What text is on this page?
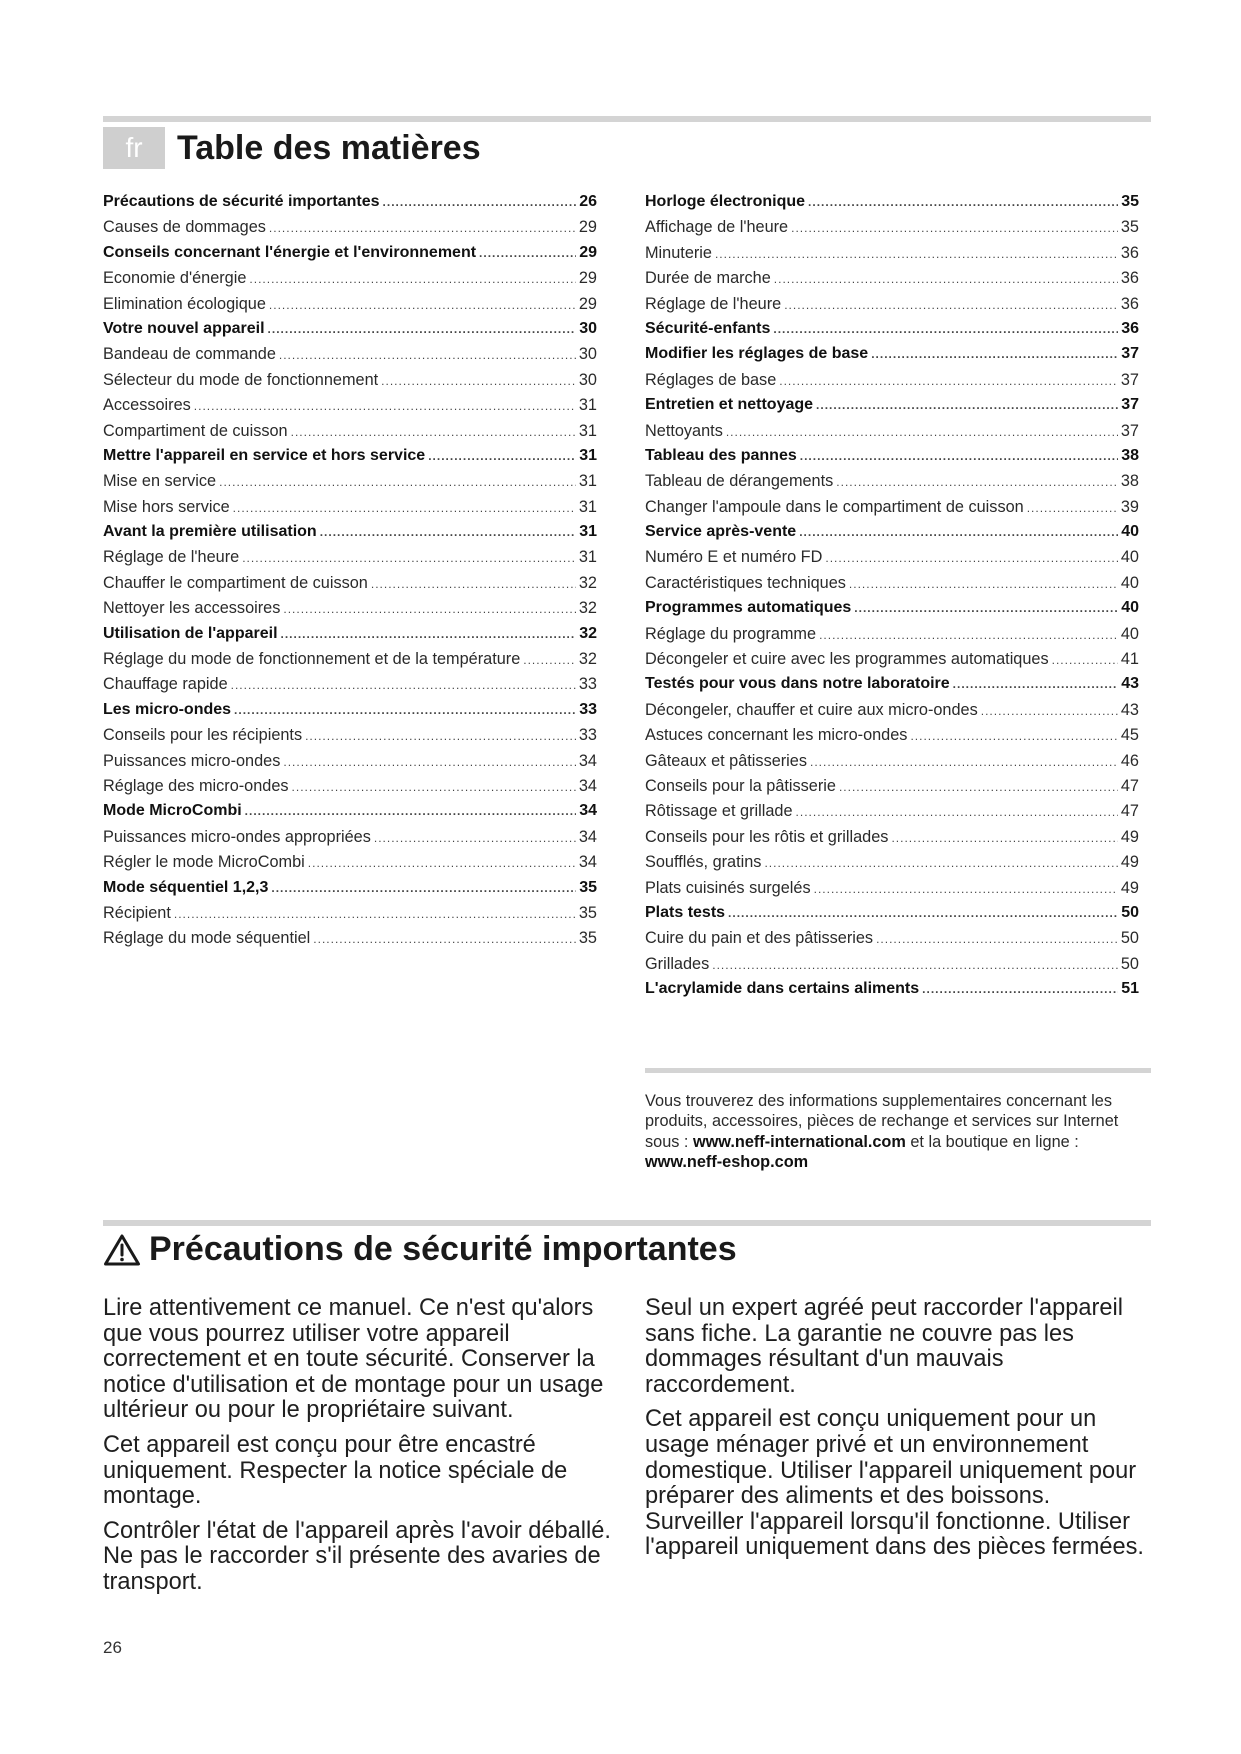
fr	Table des matières
Précautions de sécurité importantes .....	26
Causes de dommages .....	29
Conseils concernant l'énergie et l'environnement .....	29
Economie d'énergie .....	29
Elimination écologique .....	29
Votre nouvel appareil .....	30
Bandeau de commande .....	30
Sélecteur du mode de fonctionnement .....	30
Accessoires .....	31
Compartiment de cuisson .....	31
Mettre l'appareil en service et hors service .....	31
Mise en service .....	31
Mise hors service .....	31
Avant la première utilisation .....	31
Réglage de l'heure .....	31
Chauffer le compartiment de cuisson .....	32
Nettoyer les accessoires .....	32
Utilisation de l'appareil .....	32
Réglage du mode de fonctionnement et de la température .....	32
Chauffage rapide .....	33
Les micro-ondes .....	33
Conseils pour les récipients .....	33
Puissances micro-ondes .....	34
Réglage des micro-ondes .....	34
Mode MicroCombi .....	34
Puissances micro-ondes appropriées .....	34
Régler le mode MicroCombi .....	34
Mode séquentiel 1,2,3 .....	35
Récipient .....	35
Réglage du mode séquentiel .....	35
Horloge électronique .....	35
Affichage de l'heure .....	35
Minuterie .....	36
Durée de marche .....	36
Réglage de l'heure .....	36
Sécurité-enfants .....	36
Modifier les réglages de base .....	37
Réglages de base .....	37
Entretien et nettoyage .....	37
Nettoyants .....	37
Tableau des pannes .....	38
Tableau de dérangements .....	38
Changer l'ampoule dans le compartiment de cuisson .....	39
Service après-vente .....	40
Numéro E et numéro FD .....	40
Caractéristiques techniques .....	40
Programmes automatiques .....	40
Réglage du programme .....	40
Décongeler et cuire avec les programmes automatiques .....	41
Testés pour vous dans notre laboratoire .....	43
Décongeler, chauffer et cuire aux micro-ondes .....	43
Astuces concernant les micro-ondes .....	45
Gâteaux et pâtisseries .....	46
Conseils pour la pâtisserie .....	47
Rôtissage et grillade .....	47
Conseils pour les rôtis et grillades .....	49
Soufflés, gratins .....	49
Plats cuisinés surgelés .....	49
Plats tests .....	50
Cuire du pain et des pâtisseries .....	50
Grillades .....	50
L'acrylamide dans certains aliments .....	51
Vous trouverez des informations supplementaires concernant les produits, accessoires, pièces de rechange et services sur Internet sous : www.neff-international.com et la boutique en ligne : www.neff-eshop.com
Précautions de sécurité importantes

Lire attentivement ce manuel. Ce n'est qu'alors que vous pourrez utiliser votre appareil correctement et en toute sécurité. Conserver la notice d'utilisation et de montage pour un usage ultérieur ou pour le propriétaire suivant.

Cet appareil est conçu pour être encastré uniquement. Respecter la notice spéciale de montage.

Contrôler l'état de l'appareil après l'avoir déballé. Ne pas le raccorder s'il présente des avaries de transport.

Seul un expert agréé peut raccorder l'appareil sans fiche. La garantie ne couvre pas les dommages résultant d'un mauvais raccordement.

Cet appareil est conçu uniquement pour un usage ménager privé et un environnement domestique. Utiliser l'appareil uniquement pour préparer des aliments et des boissons. Surveiller l'appareil lorsqu'il fonctionne. Utiliser l'appareil uniquement dans des pièces fermées.

26
